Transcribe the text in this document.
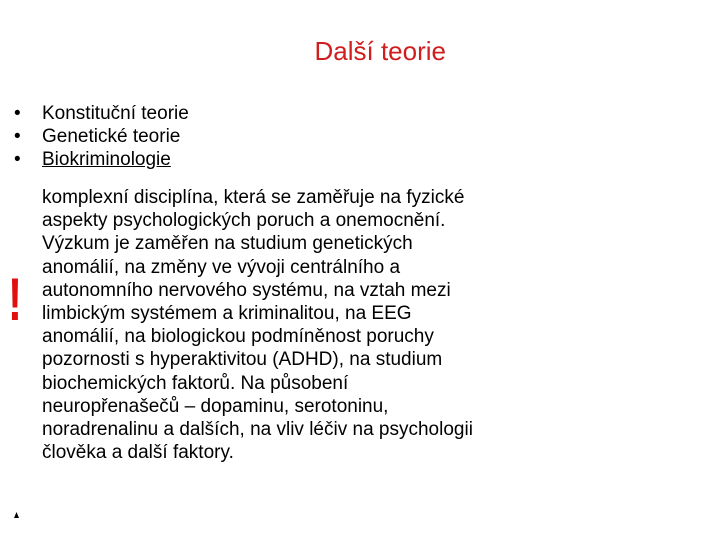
Další teorie
• Konstituční teorie
• Genetické teorie
• Biokriminologie
!

komplexní disciplína, která se zaměřuje na fyzické
aspekty psychologických poruch a onemocnění.
Výzkum je zaměřen na studium genetických
anomálií, na změny ve vývoji centrálního a
autonomního nervového systému, na vztah mezi
limbickým systémem a kriminalitou, na EEG
anomálií, na biologickou podmíněnost poruchy
pozornosti s hyperaktivitou (ADHD), na studium
biochemických faktorů. Na působení
neuropřenašečů – dopaminu, serotoninu,
noradrenalinu a dalších, na vliv léčiv na psychologii
člověka a další faktory.
